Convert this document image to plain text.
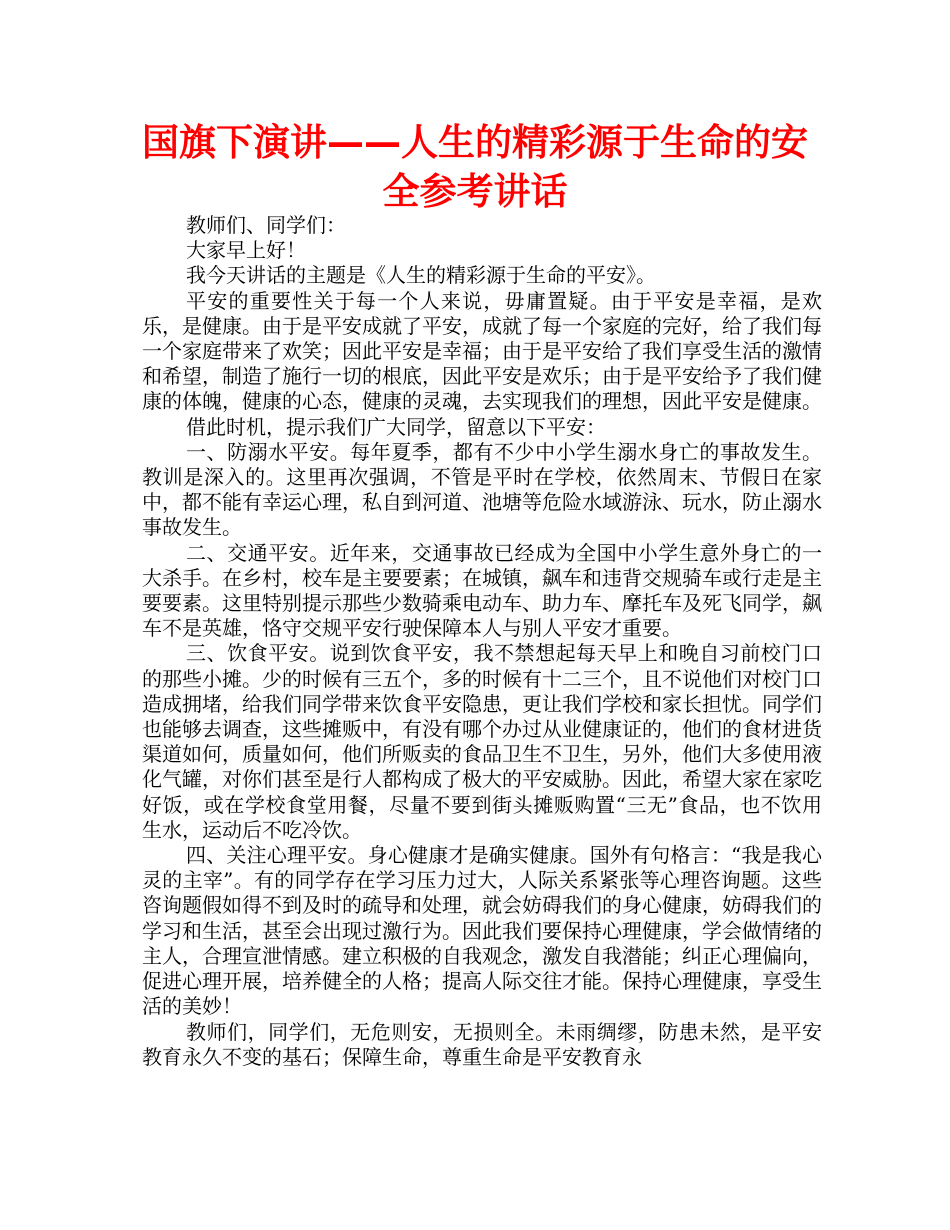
国旗下演讲——人生的精彩源于生命的安全参考讲话

教师们、同学们：

大家早上好！

我今天讲话的主题是《人生的精彩源于生命的平安》。

平安的重要性关于每一个人来说，毋庸置疑。由于平安是幸福，是欢乐，是健康。由于是平安成就了平安，成就了每一个家庭的完好，给了我们每一个家庭带来了欢笑；因此平安是幸福；由于是平安给了我们享受生活的激情和希望，制造了施行一切的根底，因此平安是欢乐；由于是平安给予了我们健康的体魄，健康的心态，健康的灵魂，去实现我们的理想，因此平安是健康。

借此时机，提示我们广大同学，留意以下平安：

一、防溺水平安。每年夏季，都有不少中小学生溺水身亡的事故发生。教训是深入的。这里再次强调，不管是平时在学校，依然周末、节假日在家中，都不能有幸运心理，私自到河道、池塘等危险水域游泳、玩水，防止溺水事故发生。

二、交通平安。近年来，交通事故已经成为全国中小学生意外身亡的一大杀手。在乡村，校车是主要要素；在城镇，飙车和违背交规骑车或行走是主要要素。这里特别提示那些少数骑乘电动车、助力车、摩托车及死飞同学，飙车不是英雄，恪守交规平安行驶保障本人与别人平安才重要。

三、饮食平安。说到饮食平安，我不禁想起每天早上和晚自习前校门口的那些小摊。少的时候有三五个，多的时候有十二三个，且不说他们对校门口造成拥堵，给我们同学带来饮食平安隐患，更让我们学校和家长担忧。同学们也能够去调查，这些摊贩中，有没有哪个办过从业健康证的，他们的食材进货渠道如何，质量如何，他们所贩卖的食品卫生不卫生，另外，他们大多使用液化气罐，对你们甚至是行人都构成了极大的平安威胁。因此，希望大家在家吃好饭，或在学校食堂用餐，尽量不要到街头摊贩购置“三无”食品，也不饮用生水，运动后不吃冷饮。

四、关注心理平安。身心健康才是确实健康。国外有句格言：“我是我心灵的主宰”。有的同学存在学习压力过大，人际关系紧张等心理咨询题。这些咨询题假如得不到及时的疏导和处理，就会妨碍我们的身心健康，妨碍我们的学习和生活，甚至会出现过激行为。因此我们要保持心理健康，学会做情绪的主人，合理宣泄情感。建立积极的自我观念，激发自我潜能；纠正心理偏向，促进心理开展，培养健全的人格；提高人际交往才能。保持心理健康，享受生活的美妙！

教师们，同学们，无危则安，无损则全。未雨绸缪，防患未然，是平安教育永久不变的基石；保障生命，尊重生命是平安教育永
